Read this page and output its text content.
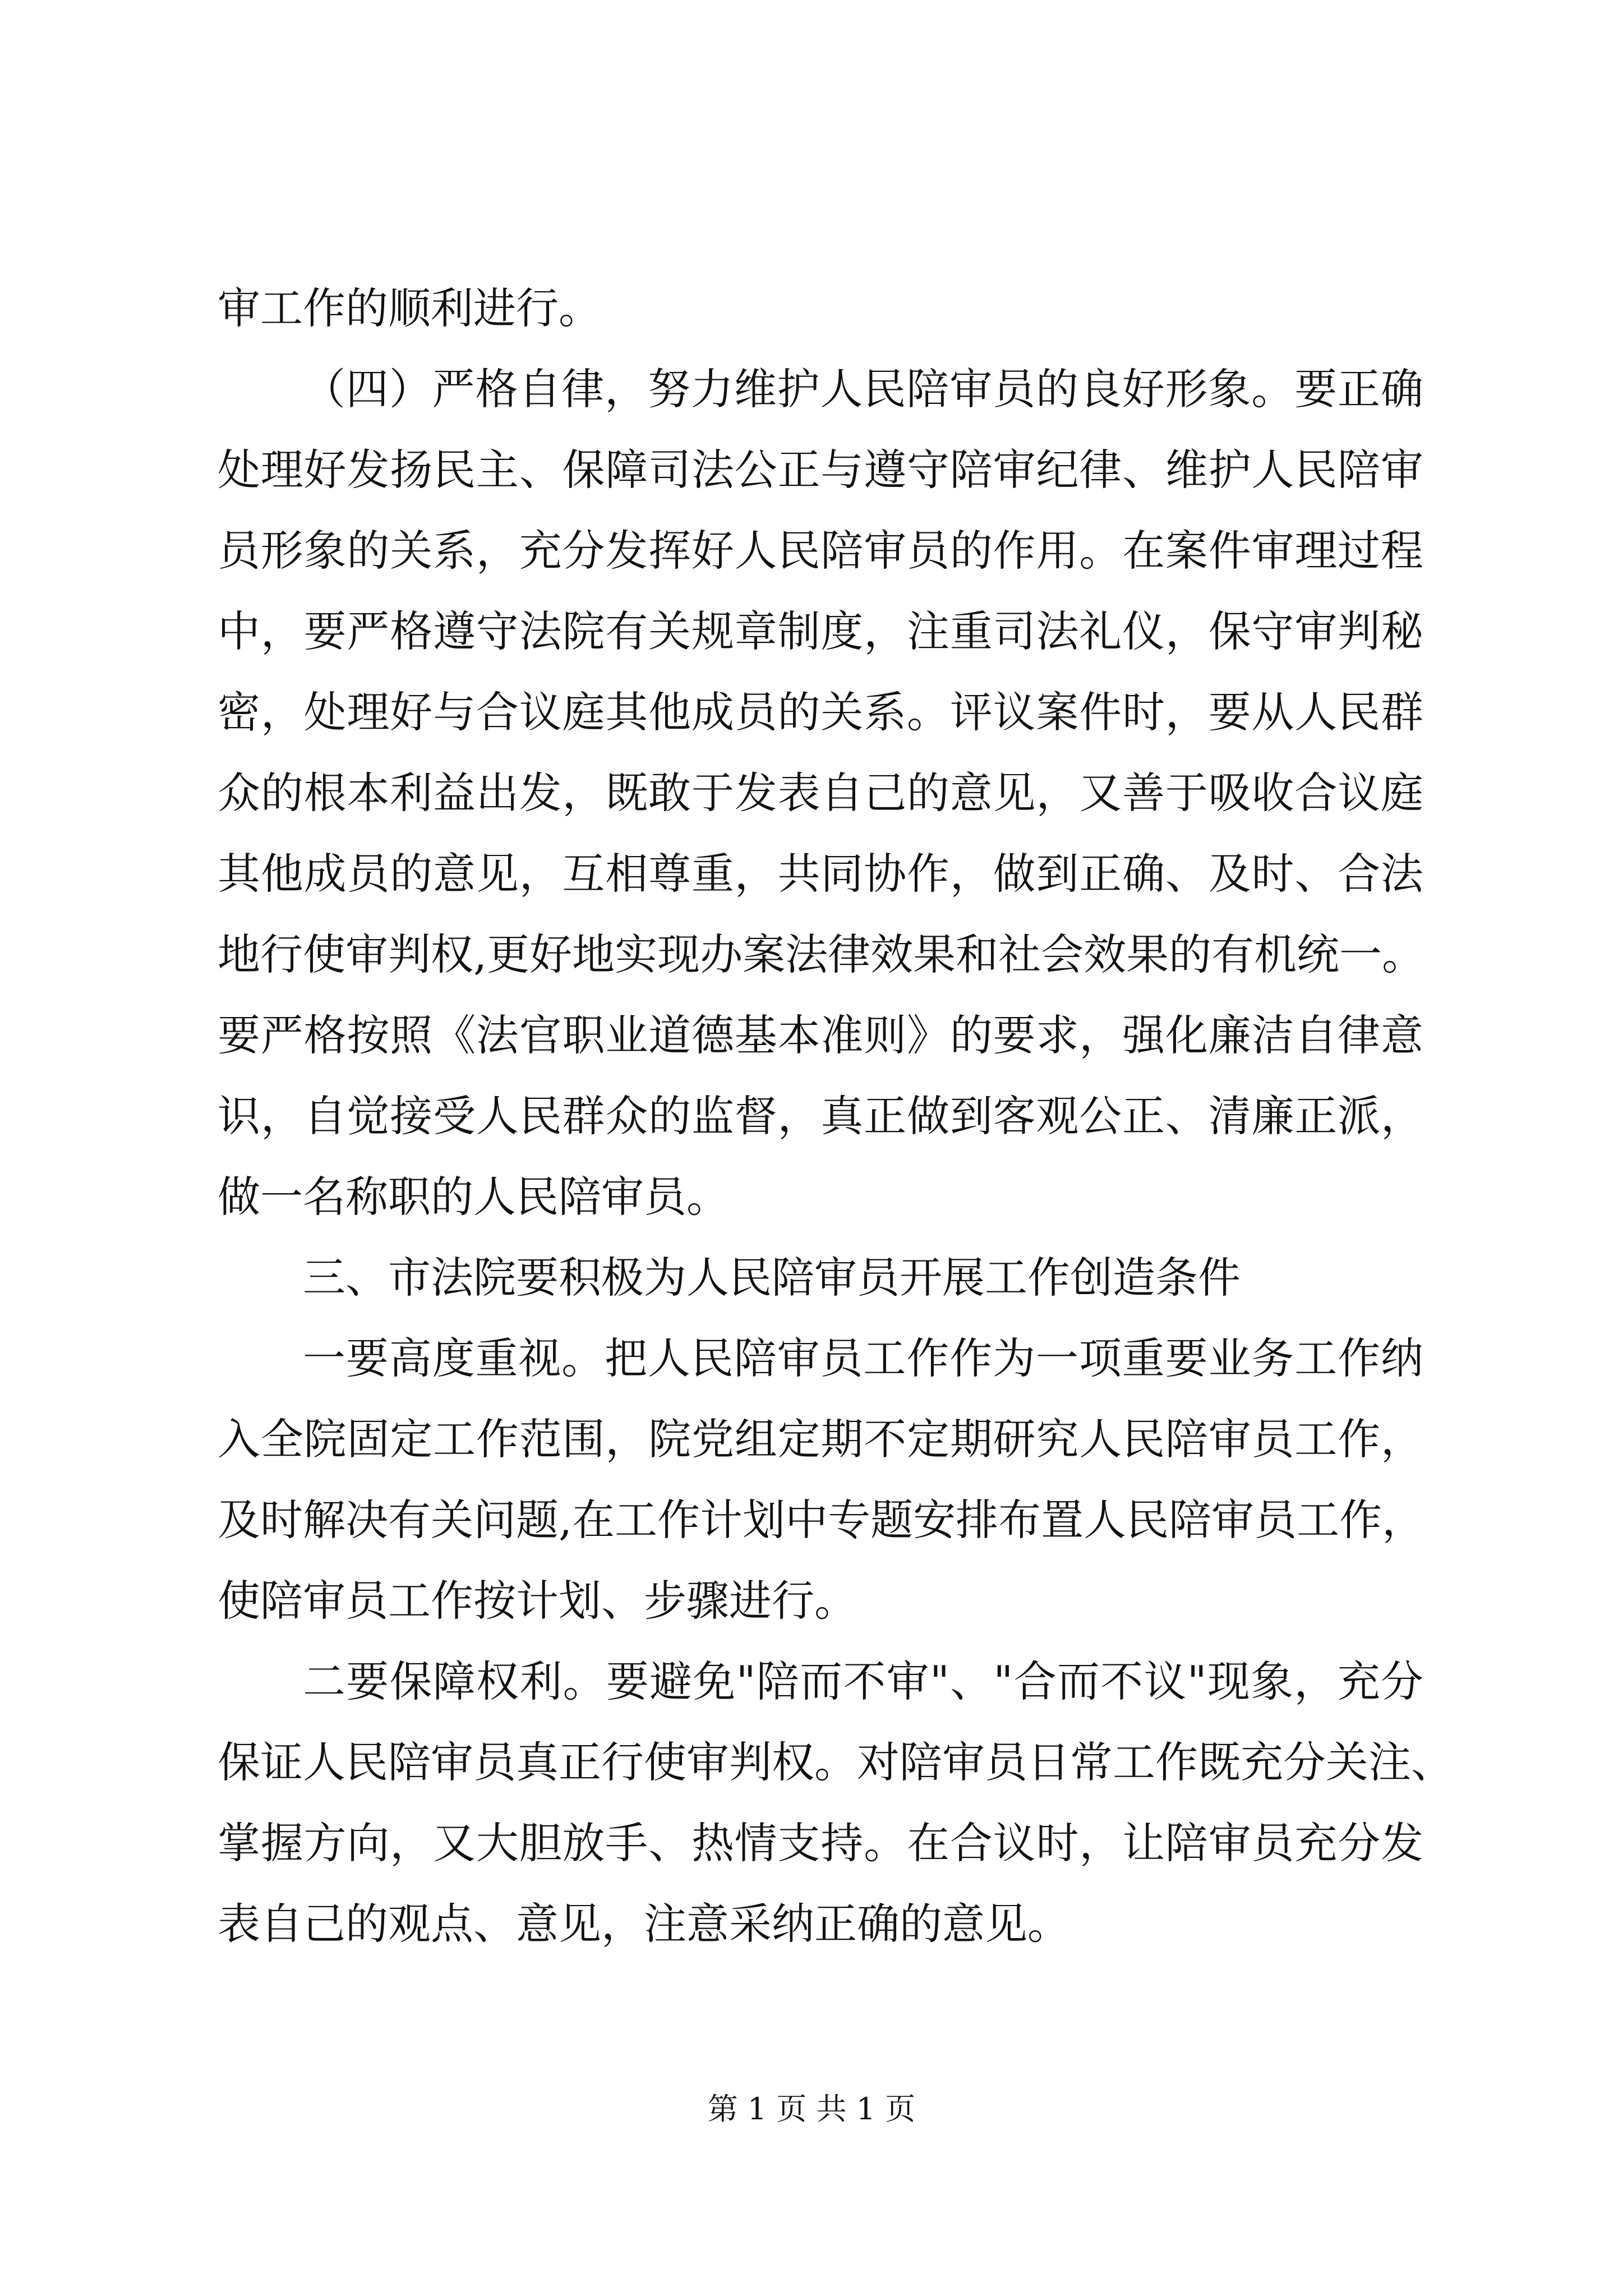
审工作的顺利进行。
（四）严格自律，努力维护人民陪审员的良好形象。要正确
处理好发扬民主、保障司法公正与遵守陪审纪律、维护人民陪审
员形象的关系，充分发挥好人民陪审员的作用。在案件审理过程
中，要严格遵守法院有关规章制度，注重司法礼仪，保守审判秘
密，处理好与合议庭其他成员的关系。评议案件时，要从人民群
众的根本利益出发，既敢于发表自己的意见，又善于吸收合议庭
其他成员的意见，互相尊重，共同协作，做到正确、及时、合法
地行使审判权,更好地实现办案法律效果和社会效果的有机统一。
要严格按照《法官职业道德基本准则》的要求，强化廉洁自律意
识，自觉接受人民群众的监督，真正做到客观公正、清廉正派，
做一名称职的人民陪审员。
三、市法院要积极为人民陪审员开展工作创造条件
一要高度重视。把人民陪审员工作作为一项重要业务工作纳
入全院固定工作范围，院党组定期不定期研究人民陪审员工作，
及时解决有关问题,在工作计划中专题安排布置人民陪审员工作，
使陪审员工作按计划、步骤进行。
二要保障权利。要避免"陪而不审"、"合而不议"现象，充分
保证人民陪审员真正行使审判权。对陪审员日常工作既充分关注、
掌握方向，又大胆放手、热情支持。在合议时，让陪审员充分发
表自己的观点、意见，注意采纳正确的意见。
第 1 页 共 1 页
